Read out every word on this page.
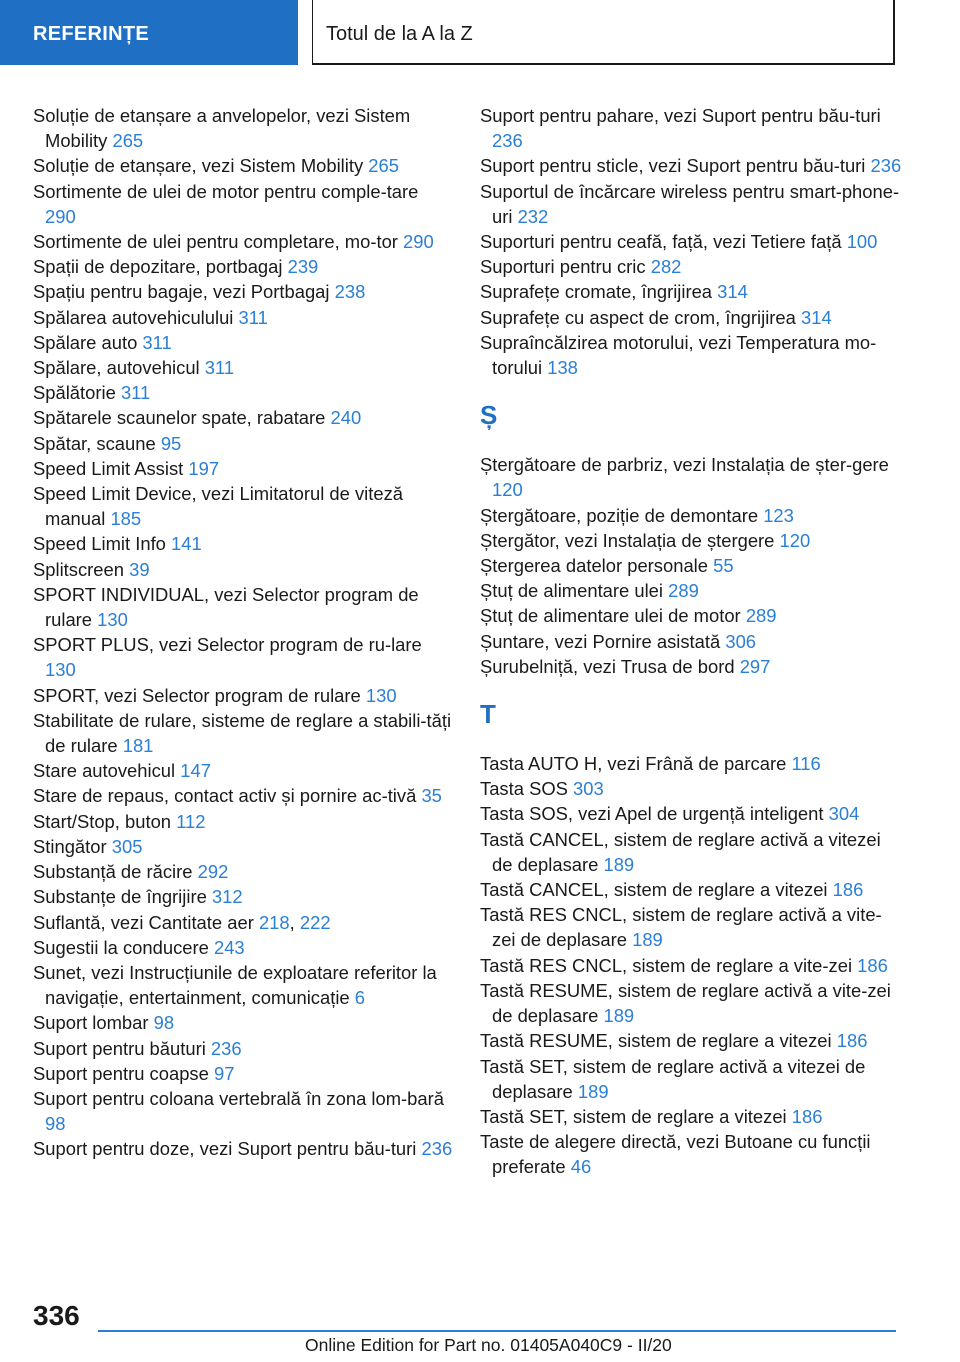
REFERINȚE	Totul de la A la Z

Soluție de etanșare a anvelopelor, vezi Sistem Mobility 265

Soluție de etanșare, vezi Sistem Mobility 265

Sortimente de ulei de motor pentru comple-tare 290

Sortimente de ulei pentru completare, mo-tor 290

Spații de depozitare, portbagaj 239

Spațiu pentru bagaje, vezi Portbagaj 238

Spălarea autovehiculului 311

Spălare auto 311

Spălare, autovehicul 311

Spălătorie 311

Spătarele scaunelor spate, rabatare 240

Spătar, scaune 95

Speed Limit Assist 197

Speed Limit Device, vezi Limitatorul de viteză manual 185

Speed Limit Info 141

Splitscreen 39

SPORT INDIVIDUAL, vezi Selector program de rulare 130

SPORT PLUS, vezi Selector program de ru-lare 130

SPORT, vezi Selector program de rulare 130

Stabilitate de rulare, sisteme de reglare a stabili-tăți de rulare 181

Stare autovehicul 147

Stare de repaus, contact activ și pornire ac-tivă 35

Start/Stop, buton 112

Stingător 305

Substanță de răcire 292

Substanțe de îngrijire 312

Suflantă, vezi Cantitate aer 218, 222

Sugestii la conducere 243

Sunet, vezi Instrucțiunile de exploatare referitor la navigație, entertainment, comunicație 6

Suport lombar 98

Suport pentru băuturi 236

Suport pentru coapse 97

Suport pentru coloana vertebrală în zona lom-bară 98

Suport pentru doze, vezi Suport pentru bău-turi 236

Suport pentru pahare, vezi Suport pentru bău-turi 236

Suport pentru sticle, vezi Suport pentru bău-turi 236

Suportul de încărcare wireless pentru smart-phone-uri 232

Suporturi pentru ceafă, față, vezi Tetiere față 100

Suporturi pentru cric 282

Suprafețe cromate, îngrijirea 314

Suprafețe cu aspect de crom, îngrijirea 314

Supraîncălzirea motorului, vezi Temperatura mo-torului 138

Ș

Ștergătoare de parbriz, vezi Instalația de șter-gere 120

Ștergătoare, poziție de demontare 123

Ștergător, vezi Instalația de ștergere 120

Ștergerea datelor personale 55

Ștuț de alimentare ulei 289

Ștuț de alimentare ulei de motor 289

Șuntare, vezi Pornire asistată 306

Șurubelniță, vezi Trusa de bord 297

T

Tasta AUTO H, vezi Frână de parcare 116

Tasta SOS 303

Tasta SOS, vezi Apel de urgență inteligent 304

Tastă CANCEL, sistem de reglare activă a vitezei de deplasare 189

Tastă CANCEL, sistem de reglare a vitezei 186

Tastă RES CNCL, sistem de reglare activă a vite-zei de deplasare 189

Tastă RES CNCL, sistem de reglare a vite-zei 186

Tastă RESUME, sistem de reglare activă a vite-zei de deplasare 189

Tastă RESUME, sistem de reglare a vitezei 186

Tastă SET, sistem de reglare activă a vitezei de deplasare 189

Tastă SET, sistem de reglare a vitezei 186

Taste de alegere directă, vezi Butoane cu funcții preferate 46

336
Online Edition for Part no. 01405A040C9 - II/20
